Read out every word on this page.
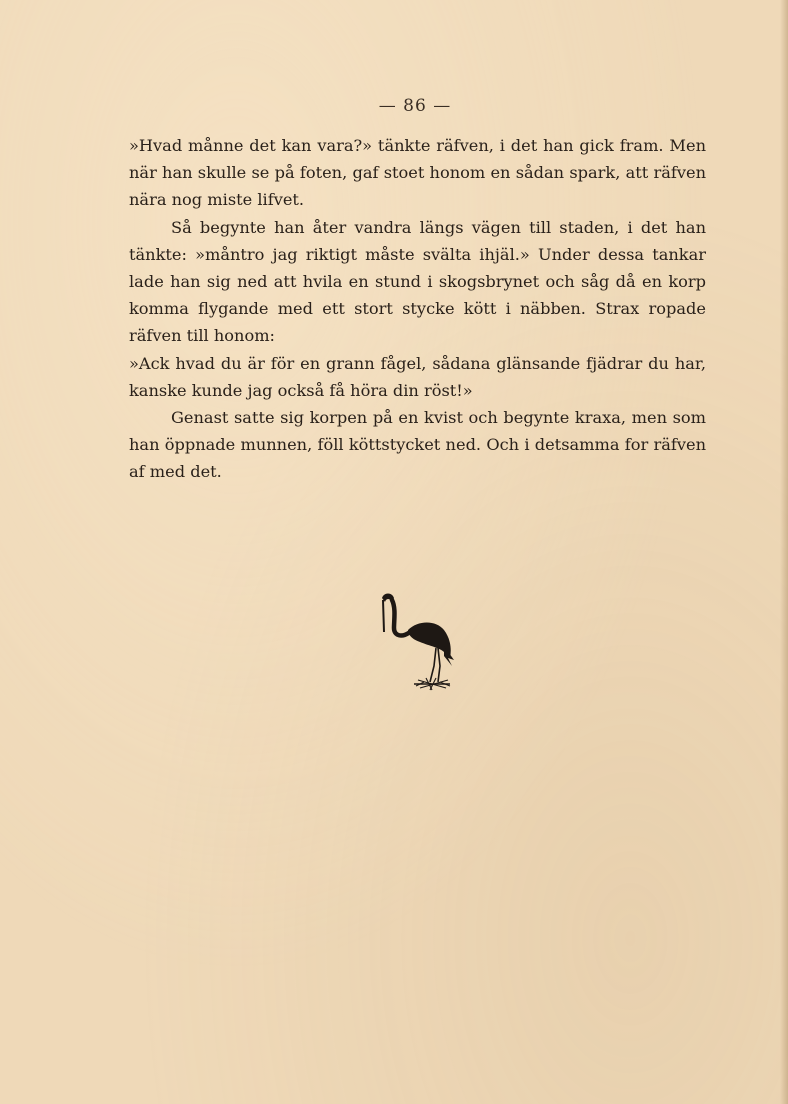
— 86 —

»Hvad månne det kan vara?» tänkte räfven, i det han gick fram. Men när han skulle se på foten, gaf stoet honom en sådan spark, att räfven nära nog miste lifvet.

Så begynte han åter vandra längs vägen till staden, i det han tänkte: »måntro jag riktigt måste svälta ihjäl.» Under dessa tankar lade han sig ned att hvila en stund i skogsbrynet och såg då en korp komma flygande med ett stort stycke kött i näbben. Strax ropade räfven till honom:

»Ack hvad du är för en grann fågel, sådana glänsande fjädrar du har, kanske kunde jag också få höra din röst!»

Genast satte sig korpen på en kvist och begynte kraxa, men som han öppnade munnen, föll köttstycket ned. Och i detsamma for räfven af med det.
